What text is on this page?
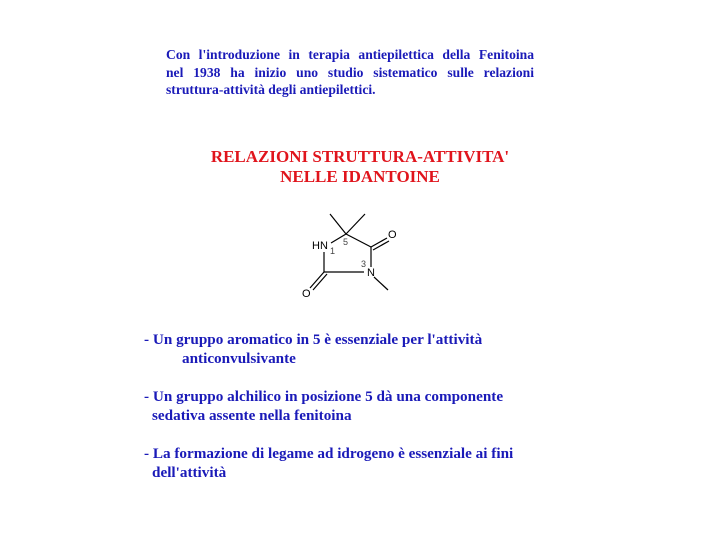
Con l'introduzione in terapia antiepilettica della Fenitoina
nel 1938 ha inizio uno studio sistematico sulle relazioni
struttura-attività degli antiepilettici.
RELAZIONI STRUTTURA-ATTIVITA'
NELLE IDANTOINE
HN
N
O
O
1
3
5
- Un gruppo aromatico in 5 è essenziale per l'attività
anticonvulsivante
- Un gruppo alchilico in posizione 5 dà una componente
sedativa assente nella fenitoina
- La formazione di legame ad idrogeno è essenziale ai fini
dell'attività
